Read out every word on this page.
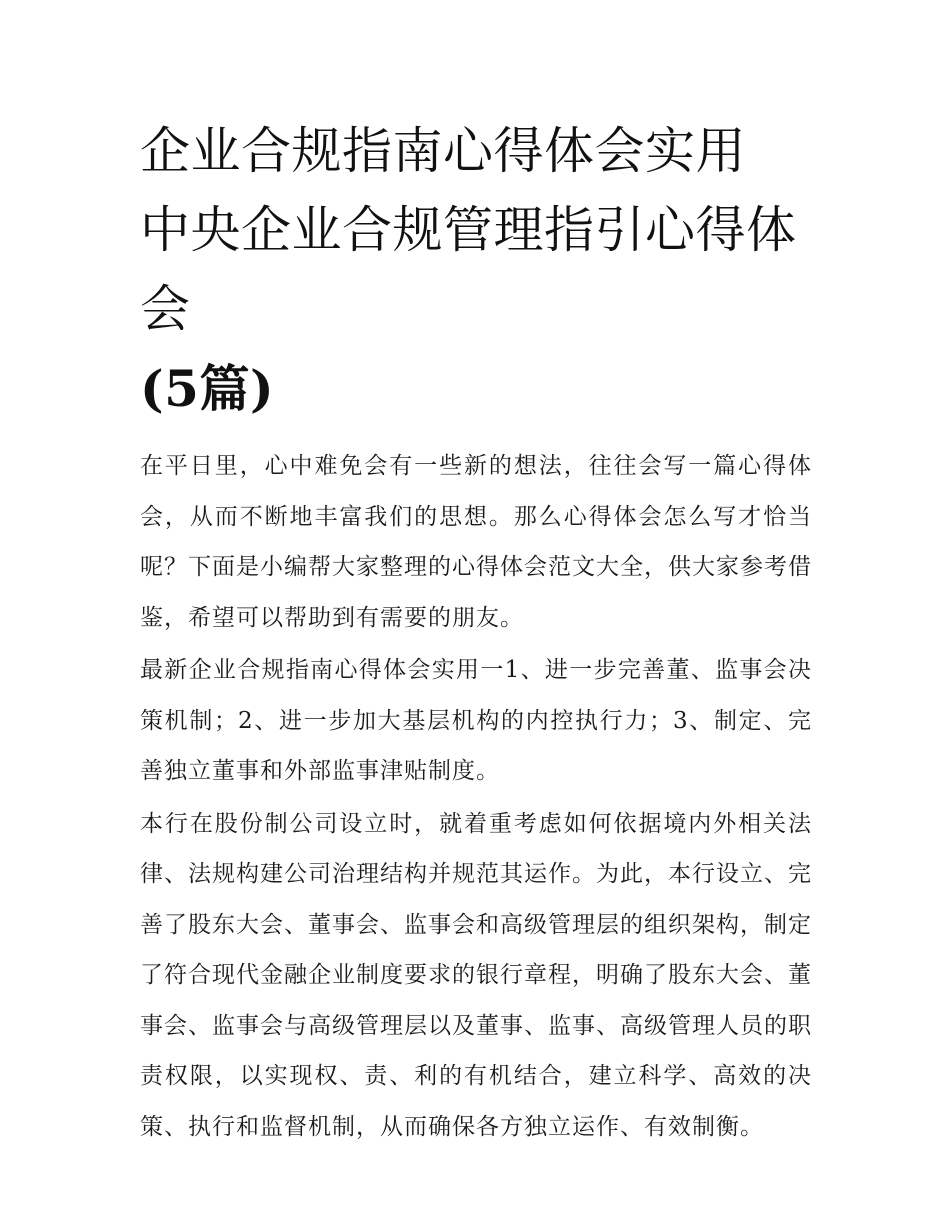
企业合规指南心得体会实用 中央企业合规管理指引心得体会
(5篇)

在平日里，心中难免会有一些新的想法，往往会写一篇心得体会，从而不断地丰富我们的思想。那么心得体会怎么写才恰当呢？下面是小编帮大家整理的心得体会范文大全，供大家参考借鉴，希望可以帮助到有需要的朋友。

最新企业合规指南心得体会实用一1、进一步完善董、监事会决策机制；2、进一步加大基层机构的内控执行力；3、制定、完善独立董事和外部监事津贴制度。

本行在股份制公司设立时，就着重考虑如何依据境内外相关法律、法规构建公司治理结构并规范其运作。为此，本行设立、完善了股东大会、董事会、监事会和高级管理层的组织架构，制定了符合现代金融企业制度要求的银行章程，明确了股东大会、董事会、监事会与高级管理层以及董事、监事、高级管理人员的职责权限，以实现权、责、利的有机结合，建立科学、高效的决策、执行和监督机制，从而确保各方独立运作、有效制衡。
